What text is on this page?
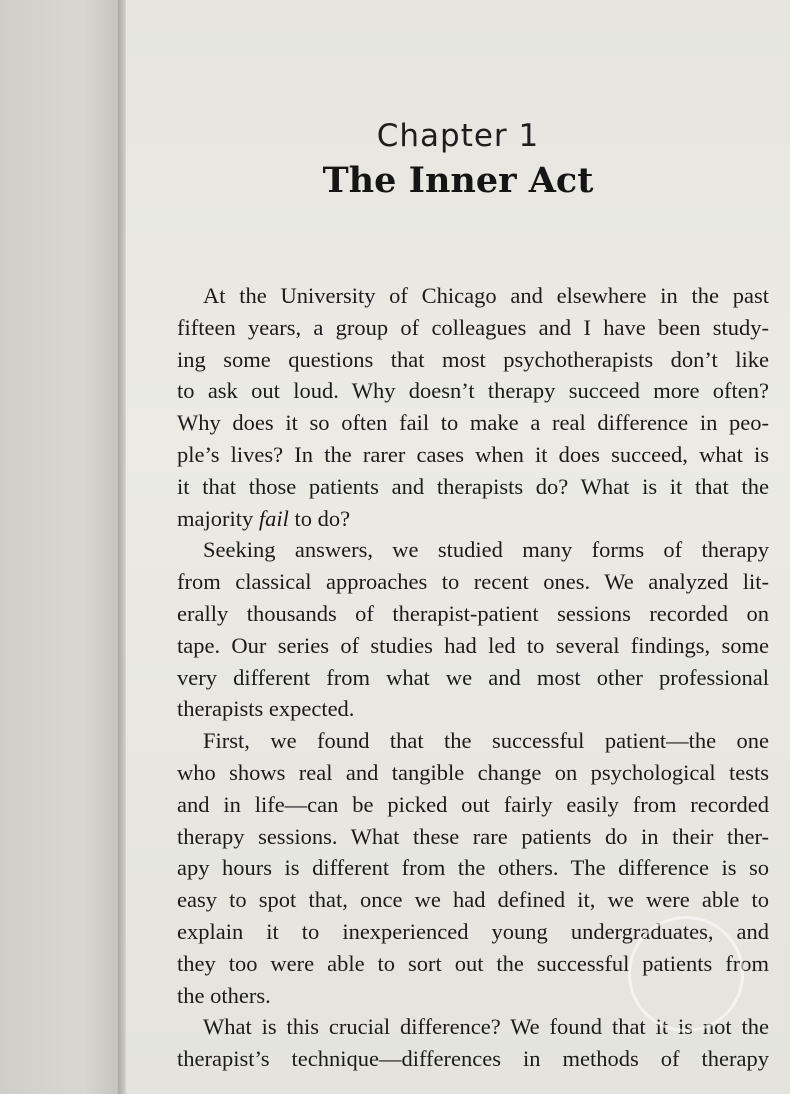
Chapter 1
The Inner Act
At the University of Chicago and elsewhere in the past
fifteen years, a group of colleagues and I have been study-
ing some questions that most psychotherapists don’t like
to ask out loud. Why doesn’t therapy succeed more often?
Why does it so often fail to make a real difference in peo-
ple’s lives? In the rarer cases when it does succeed, what is
it that those patients and therapists do? What is it that the
majority fail to do?
Seeking answers, we studied many forms of therapy
from classical approaches to recent ones. We analyzed lit-
erally thousands of therapist-patient sessions recorded on
tape. Our series of studies had led to several findings, some
very different from what we and most other professional
therapists expected.
First, we found that the successful patient—the one
who shows real and tangible change on psychological tests
and in life—can be picked out fairly easily from recorded
therapy sessions. What these rare patients do in their ther-
apy hours is different from the others. The difference is so
easy to spot that, once we had defined it, we were able to
explain it to inexperienced young undergraduates, and
they too were able to sort out the successful patients from
the others.
What is this crucial difference? We found that it is not the
therapist’s technique—differences in methods of therapy
